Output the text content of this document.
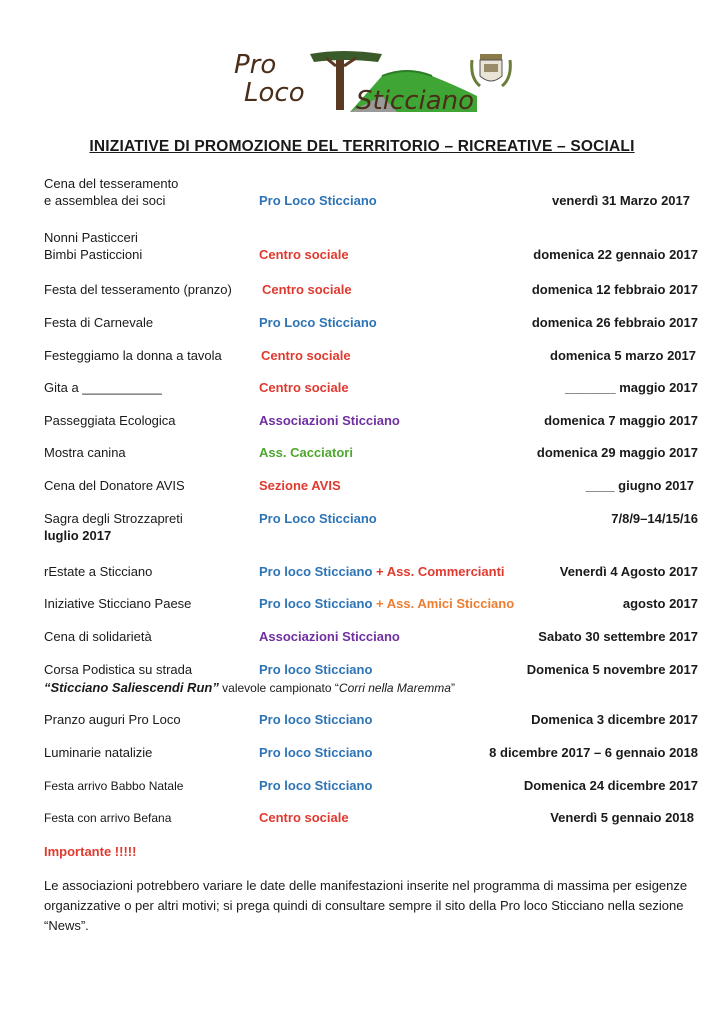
Pro
Loco Sticciano
INIZIATIVE DI PROMOZIONE DEL TERRITORIO – RICREATIVE – SOCIALI
Cena del tesseramento
e assemblea dei soci	Pro Loco Sticciano	venerdì 31 Marzo 2017
Nonni Pasticceri
Bimbi Pasticcioni	Centro sociale	domenica 22 gennaio 2017
Festa del tesseramento (pranzo) Centro sociale	domenica 12 febbraio 2017
Festa di Carnevale	Pro Loco Sticciano	domenica 26 febbraio 2017
Festeggiamo la donna a tavola	Centro sociale	domenica 5 marzo 2017
Gita a ___________	Centro sociale	_______ maggio 2017
Passeggiata Ecologica	Associazioni Sticciano	domenica 7 maggio 2017
Mostra canina	Ass. Cacciatori	domenica 29 maggio 2017
Cena del Donatore AVIS	Sezione AVIS	____ giugno 2017
Sagra degli Strozzapreti	Pro Loco Sticciano	7/8/9–14/15/16
luglio 2017
rEstate a Sticciano	Pro loco Sticciano + Ass. Commercianti	Venerdì 4 Agosto 2017
Iniziative Sticciano Paese	Pro loco Sticciano + Ass. Amici Sticciano	agosto 2017
Cena di solidarietà	Associazioni Sticciano	Sabato 30 settembre 2017
Corsa Podistica su strada	Pro loco Sticciano	Domenica 5 novembre 2017
“Sticciano Saliescendi Run” valevole campionato “Corri nella Maremma”
Pranzo auguri Pro Loco	Pro loco Sticciano	Domenica 3 dicembre 2017
Luminarie natalizie	Pro loco Sticciano	8 dicembre 2017 – 6 gennaio 2018
Festa arrivo Babbo Natale	Pro loco Sticciano	Domenica 24 dicembre 2017
Festa con arrivo Befana	Centro sociale	Venerdì 5 gennaio 2018
Importante !!!!!
Le associazioni potrebbero variare le date delle manifestazioni inserite nel programma di massima per esigenze organizzative o per altri motivi; si prega quindi di consultare sempre il sito della Pro loco Sticciano nella sezione “News”.
